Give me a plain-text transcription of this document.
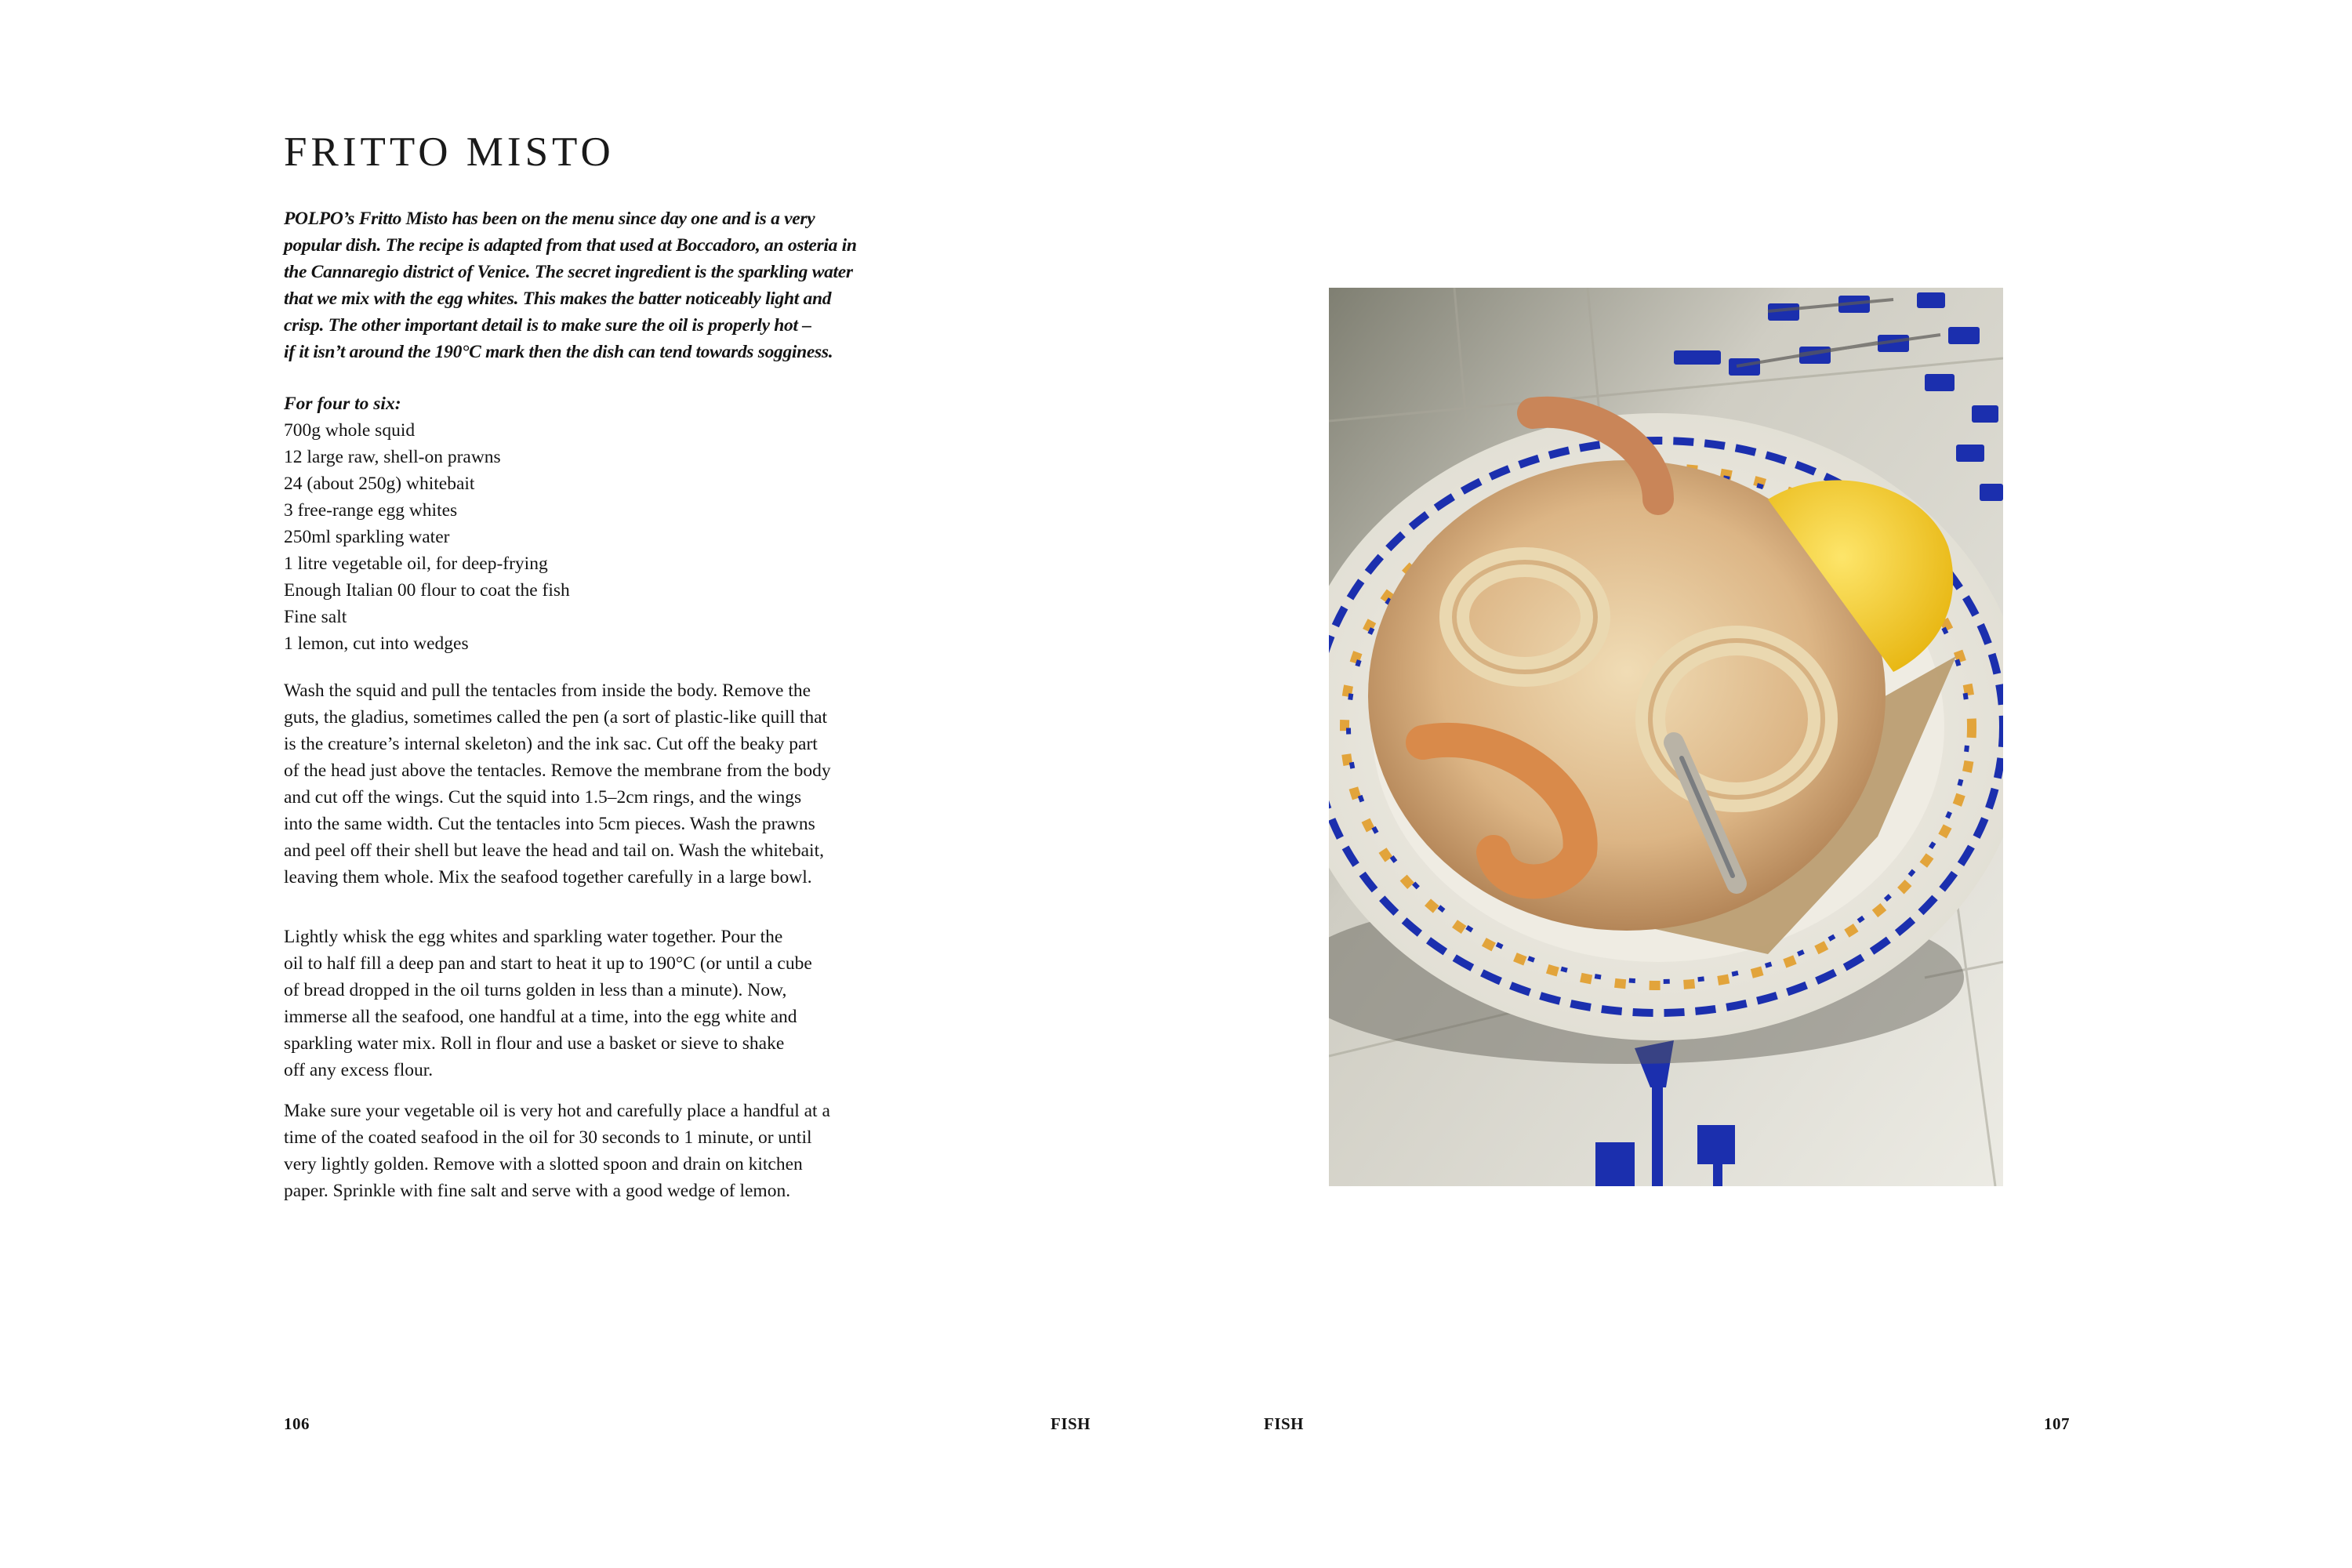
FRITTO MISTO
POLPO’s Fritto Misto has been on the menu since day one and is a very
popular dish. The recipe is adapted from that used at Boccadoro, an osteria in
the Cannaregio district of Venice. The secret ingredient is the sparkling water
that we mix with the egg whites. This makes the batter noticeably light and
crisp. The other important detail is to make sure the oil is properly hot –
if it isn’t around the 190°C mark then the dish can tend towards sogginess.
For four to six:
700g whole squid
12 large raw, shell-on prawns
24 (about 250g) whitebait
3 free-range egg whites
250ml sparkling water
1 litre vegetable oil, for deep-frying
Enough Italian 00 flour to coat the fish
Fine salt
1 lemon, cut into wedges
Wash the squid and pull the tentacles from inside the body. Remove the
guts, the gladius, sometimes called the pen (a sort of plastic-like quill that
is the creature’s internal skeleton) and the ink sac. Cut off the beaky part
of the head just above the tentacles. Remove the membrane from the body
and cut off the wings. Cut the squid into 1.5–2cm rings, and the wings
into the same width. Cut the tentacles into 5cm pieces. Wash the prawns
and peel off their shell but leave the head and tail on. Wash the whitebait,
leaving them whole. Mix the seafood together carefully in a large bowl.
Lightly whisk the egg whites and sparkling water together. Pour the
oil to half fill a deep pan and start to heat it up to 190°C (or until a cube
of bread dropped in the oil turns golden in less than a minute). Now,
immerse all the seafood, one handful at a time, into the egg white and
sparkling water mix. Roll in flour and use a basket or sieve to shake
off any excess flour.
Make sure your vegetable oil is very hot and carefully place a handful at a
time of the coated seafood in the oil for 30 seconds to 1 minute, or until
very lightly golden. Remove with a slotted spoon and drain on kitchen
paper. Sprinkle with fine salt and serve with a good wedge of lemon.
106	FISH	FISH	107
